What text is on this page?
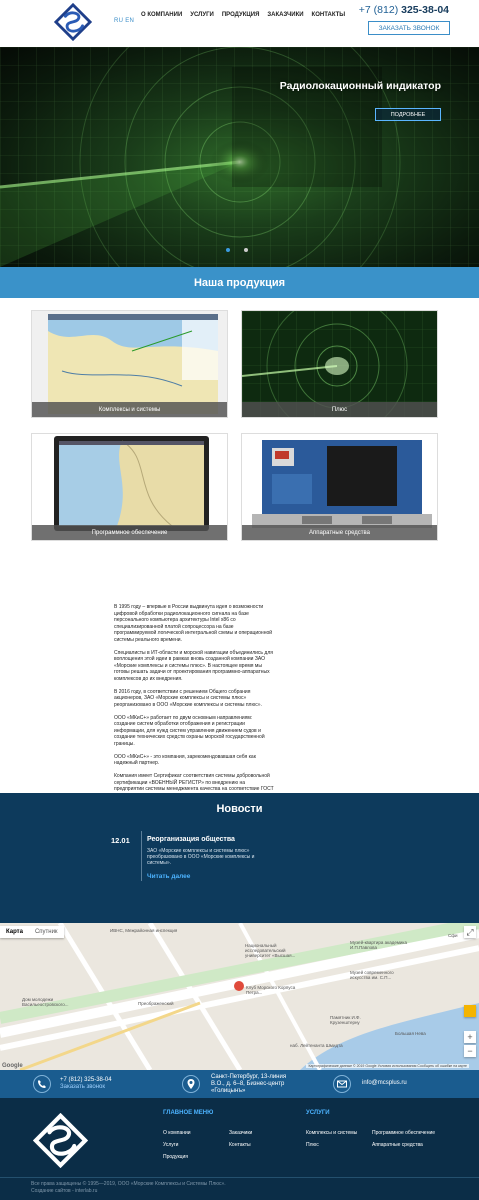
RU EN
О КОМПАНИИ УСЛУГИ ПРОДУКЦИЯ ЗАКАЗЧИКИ КОНТАКТЫ +7 (812) 325-38-04
ЗАКАЗАТЬ ЗВОНОК
Радиолокационный индикатор
ПОДРОБНЕЕ
Наша продукция
Комплексы и системы	Плюс
Программное обеспечение	Аппаратные средства

В 1995 году – впервые в России выдвинута идея о возможности цифровой обработки радиолокационного сигнала на базе персонального компьютера архитектуры Intel x86 со специализированной платой сопроцессора на базе программируемой логической интегральной схемы и операционной системы реального времени.

Специалисты в ИТ-области и морской навигации объединились для воплощения этой идеи в рамках вновь созданной компании ЗАО «Морские комплексы и системы плюс». В настоящее время мы готовы решать задачи от проектирования программно-аппаратных комплексов до их внедрения.

В 2016 году, в соответствии с решением Общего собрания акционеров, ЗАО «Морские комплексы и системы плюс» реорганизовано в ООО «Морские комплексы и системы плюс».

ООО «МКиС+» работает по двум основным направлениям: создание систем обработки отображения и регистрации информации, для нужд систем управления движением судов и создание технических средств охраны морской государственной границы.

ООО «МКиС+» - это компания, зарекомендовавшая себя как надежный партнер.

Компания имеет Сертификат соответствия системы добровольной сертификации «ВОЕННЫЙ РЕГИСТР» по внедрению на предприятии системы менеджмента качества на соответствие ГОСТ

Новости
12.01 Реорганизация общества
ЗАО «Морские комплексы и системы плюс» преобразовано в ООО «Морские комплексы и системы».
Читать далее
Карта	Спутник	⤢
+
−
ИВНС, Межрайонная инспекция
Национальный исследовательский университет «Высшая...
Музей-квартира академика И.П.Павлова
Музей современного искусства им. С.П...
Клуб Морского Корпуса Петра...
Преображенский
Дом молодежи Васильеостровского...
Памятник И.Ф. Крузенштерну
наб. Лейтенанта Шмидта
Большая Нева
Сфи
Google	Картографические данные © 2019 Google Условия использования Сообщить об ошибке на карте
+7 (812) 325-38-04
Заказать звонок
Санкт-Петербург, 13-линия В.О., д. 6–8, Бизнес-центр «Голицынъ»
info@mcsplus.ru
ГЛАВНОЕ МЕНЮ
О компании	Заказчики
Услуги	Контакты
Продукция
УСЛУГИ
Комплексы и системы	Программное обеспечение
Плюс	Аппаратные средства
Все права защищены © 1995—2019, ООО «Морские Комплексы и Системы Плюс».
Создание сайтов - interlab.ru
